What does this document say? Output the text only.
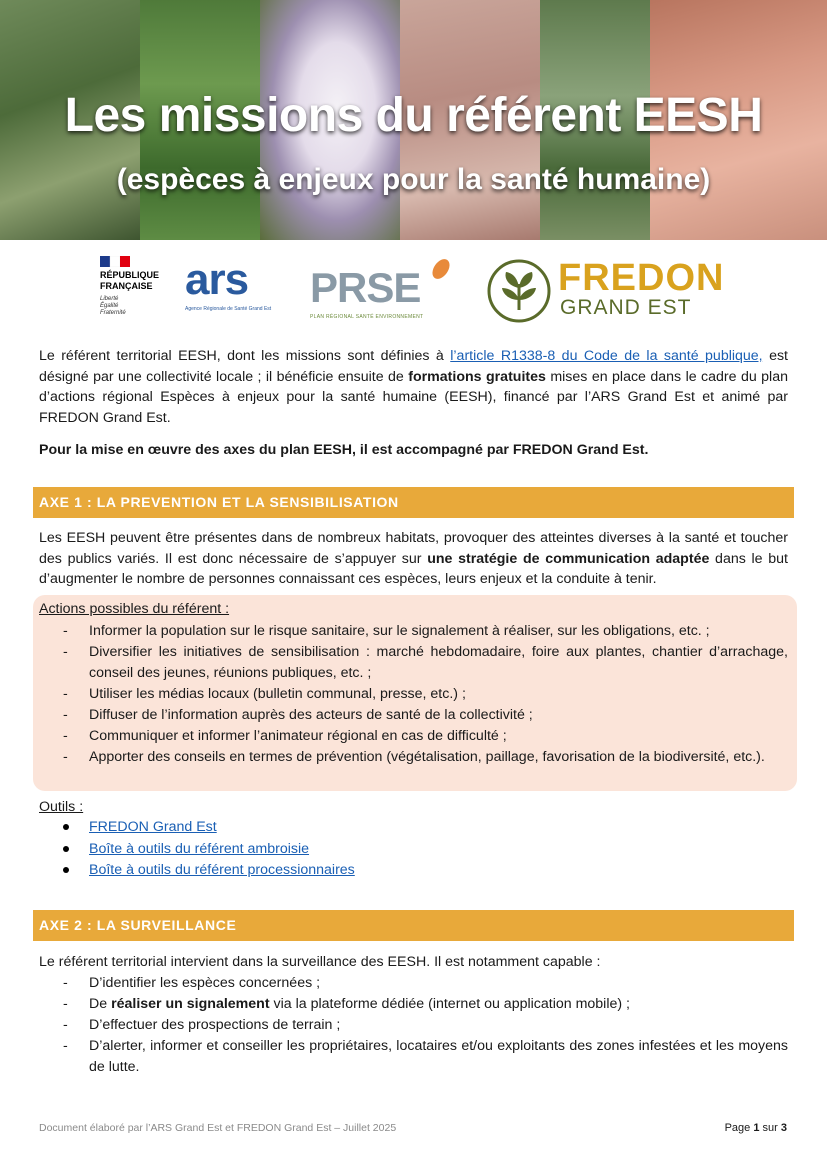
Les missions du référent EESH
(espèces à enjeux pour la santé humaine)
RÉPUBLIQUE
FRANÇAISE
Liberté
Égalité
Fraternité
ars
Agence Régionale de Santé Grand Est PRSE
PLAN RÉGIONAL SANTÉ ENVIRONNEMENT
FREDON
GRAND EST
Le référent territorial EESH, dont les missions sont définies à l’article R1338-8 du Code de la santé publique, est désigné par une collectivité locale ; il bénéficie ensuite de formations gratuites mises en place dans le cadre du plan d’actions régional Espèces à enjeux pour la santé humaine (EESH), financé par l’ARS Grand Est et animé par FREDON Grand Est.
Pour la mise en œuvre des axes du plan EESH, il est accompagné par FREDON Grand Est.
AXE 1 : LA PREVENTION ET LA SENSIBILISATION
Les EESH peuvent être présentes dans de nombreux habitats, provoquer des atteintes diverses à la santé et toucher des publics variés. Il est donc nécessaire de s’appuyer sur une stratégie de communication adaptée dans le but d’augmenter le nombre de personnes connaissant ces espèces, leurs enjeux et la conduite à tenir.
Actions possibles du référent :
- Informer la population sur le risque sanitaire, sur le signalement à réaliser, sur les obligations, etc. ;
- Diversifier les initiatives de sensibilisation : marché hebdomadaire, foire aux plantes, chantier d’arrachage, conseil des jeunes, réunions publiques, etc. ;
- Utiliser les médias locaux (bulletin communal, presse, etc.) ;
- Diffuser de l’information auprès des acteurs de santé de la collectivité ;
- Communiquer et informer l’animateur régional en cas de difficulté ;
- Apporter des conseils en termes de prévention (végétalisation, paillage, favorisation de la biodiversité, etc.).
Outils :
FREDON Grand Est
Boîte à outils du référent ambroisie
Boîte à outils du référent processionnaires
AXE 2 : LA SURVEILLANCE
Le référent territorial intervient dans la surveillance des EESH. Il est notamment capable :
- D’identifier les espèces concernées ;
- De réaliser un signalement via la plateforme dédiée (internet ou application mobile) ;
- D’effectuer des prospections de terrain ;
- D’alerter, informer et conseiller les propriétaires, locataires et/ou exploitants des zones infestées et les moyens de lutte.
Document élaboré par l’ARS Grand Est et FREDON Grand Est – Juillet 2025	Page 1 sur 3
